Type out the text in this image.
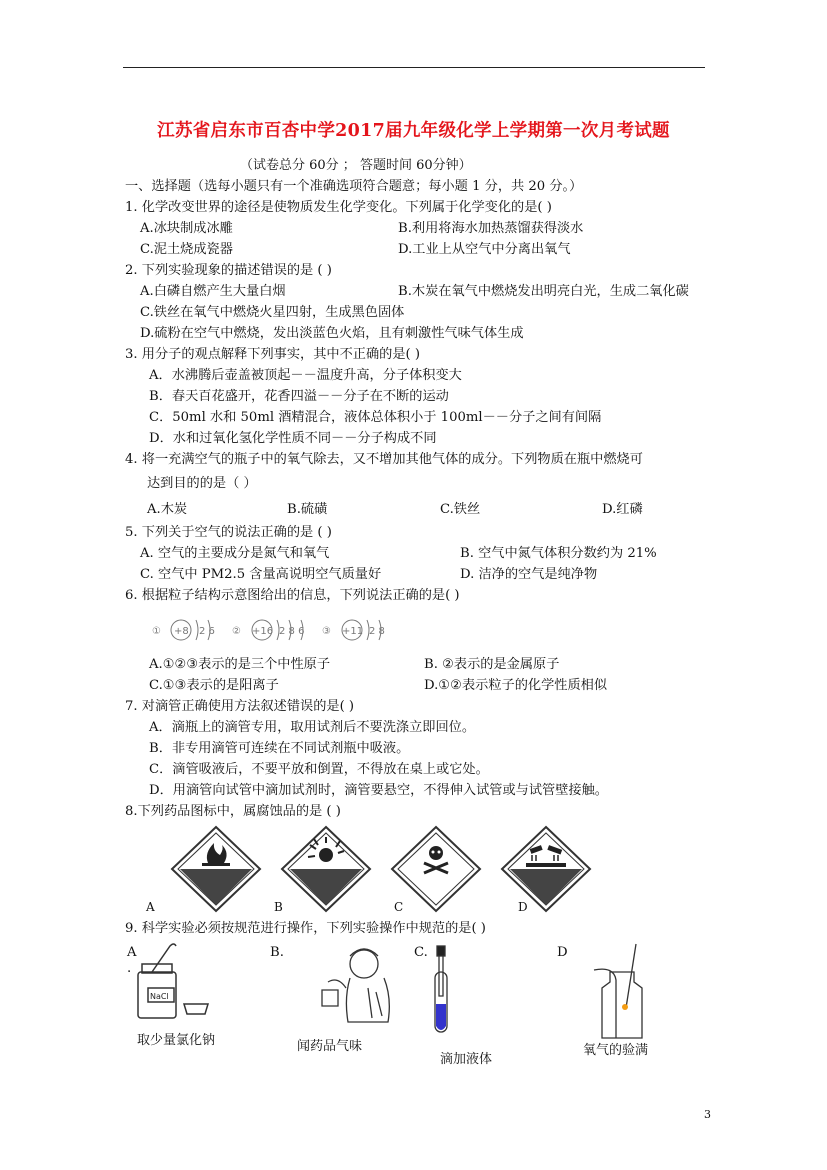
江苏省启东市百杏中学2017届九年级化学上学期第一次月考试题
（试卷总分 60分 ； 答题时间 60分钟）
一、选择题（选每小题只有一个准确选项符合题意；每小题 1 分，共 20 分。）
1. 化学改变世界的途径是使物质发生化学变化。下列属于化学变化的是( )
A.冰块制成冰雕	B.利用将海水加热蒸馏获得淡水
C.泥土烧成瓷器	D.工业上从空气中分离出氧气
2. 下列实验现象的描述错误的是 ( )
A.白磷自燃产生大量白烟	B.木炭在氧气中燃烧发出明亮白光，生成二氧化碳
C.铁丝在氧气中燃烧火星四射，生成黑色固体
D.硫粉在空气中燃烧，发出淡蓝色火焰，且有刺激性气味气体生成
3. 用分子的观点解释下列事实，其中不正确的是( )
A．水沸腾后壶盖被顶起－－温度升高，分子体积变大
B．春天百花盛开，花香四溢－－分子在不断的运动
C．50ml 水和 50ml 酒精混合，液体总体积小于 100ml－－分子之间有间隔
D．水和过氧化氢化学性质不同－－分子构成不同
4. 将一充满空气的瓶子中的氧气除去，又不增加其他气体的成分。下列物质在瓶中燃烧可
达到目的的是（ ）
A.木炭	B.硫磺	C.铁丝	D.红磷
5. 下列关于空气的说法正确的是 ( )
A. 空气的主要成分是氮气和氧气	B. 空气中氮气体积分数约为 21%
C. 空气中 PM2.5 含量高说明空气质量好	D. 洁净的空气是纯净物
6. 根据粒子结构示意图给出的信息，下列说法正确的是( )
① +8 2 6 ② +16 2 8 6 ③ +11 2 8
A.①②③表示的是三个中性原子	B. ②表示的是金属原子
C.①③表示的是阳离子	D.①②表示粒子的化学性质相似
7. 对滴管正确使用方法叙述错误的是( )
A．滴瓶上的滴管专用，取用试剂后不要洗涤立即回位。
B．非专用滴管可连续在不同试剂瓶中吸液。
C．滴管吸液后，不要平放和倒置，不得放在桌上或它处。
D．用滴管向试管中滴加试剂时，滴管要悬空，不得伸入试管或与试管壁接触。
8.下列药品图标中，属腐蚀品的是 ( )
A	B	C	D
9. 科学实验必须按规范进行操作，下列实验操作中规范的是( )
A
.
B.	C.	D
NaCl
取少量氯化钠	闻药品气味
滴加液体
氧气的验满
3
